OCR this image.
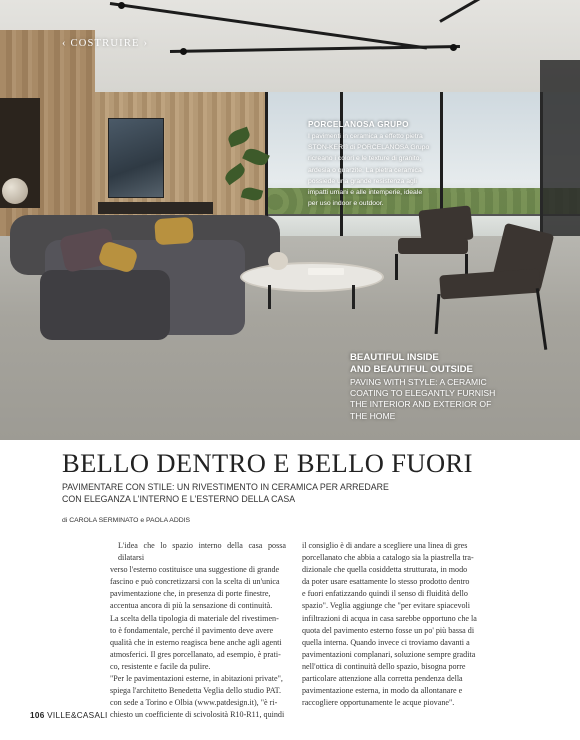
‹ COSTRUIRE ›
PORCELANOSA GRUPO
I pavimenti in ceramica a effetto pietra
STON-KER® di PORCELANOSA Grupo
ricreano i colori e le texture di granito,
ardesia o quarzite. La pietra ceramica
possiede una grande resistenza agli
impatti umani e alle intemperie, ideale
per uso indoor e outdoor.
BEAUTIFUL INSIDE
AND BEAUTIFUL OUTSIDE
PAVING WITH STYLE: A CERAMIC
COATING TO ELEGANTLY FURNISH
THE INTERIOR AND EXTERIOR OF
THE HOME
BELLO DENTRO E BELLO FUORI
PAVIMENTARE CON STILE: UN RIVESTIMENTO IN CERAMICA PER ARREDARE
CON ELEGANZA L'INTERNO E L'ESTERNO DELLA CASA
di CAROLA SERMINATO e PAOLA ADDIS

L'idea che lo spazio interno della casa possa dilatarsi

verso l'esterno costituisce una suggestione di grande

fascino e può concretizzarsi con la scelta di un'unica

pavimentazione che, in presenza di porte finestre,

accentua ancora di più la sensazione di continuità.

La scelta della tipologia di materiale del rivestimen-

to è fondamentale, perché il pavimento deve avere

qualità che in esterno reagisca bene anche agli agenti

atmosferici. Il gres porcellanato, ad esempio, è prati-

co, resistente e facile da pulire.

"Per le pavimentazioni esterne, in abitazioni private",

spiega l'architetto Benedetta Veglia dello studio PAT.

con sede a Torino e Olbia (www.patdesign.it), "è ri-

chiesto un coefficiente di scivolosità R10-R11, quindi

il consiglio è di andare a scegliere una linea di gres

porcellanato che abbia a catalogo sia la piastrella tra-

dizionale che quella cosiddetta strutturata, in modo

da poter usare esattamente lo stesso prodotto dentro

e fuori enfatizzando quindi il senso di fluidità dello

spazio". Veglia aggiunge che "per evitare spiacevoli

infiltrazioni di acqua in casa sarebbe opportuno che la

quota del pavimento esterno fosse un po' più bassa di

quella interna. Quando invece ci troviamo davanti a

pavimentazioni complanari, soluzione sempre gradita

nell'ottica di continuità dello spazio, bisogna porre

particolare attenzione alla corretta pendenza della

pavimentazione esterna, in modo da allontanare e

raccogliere opportunamente le acque piovane".

106 VILLE&CASALI
